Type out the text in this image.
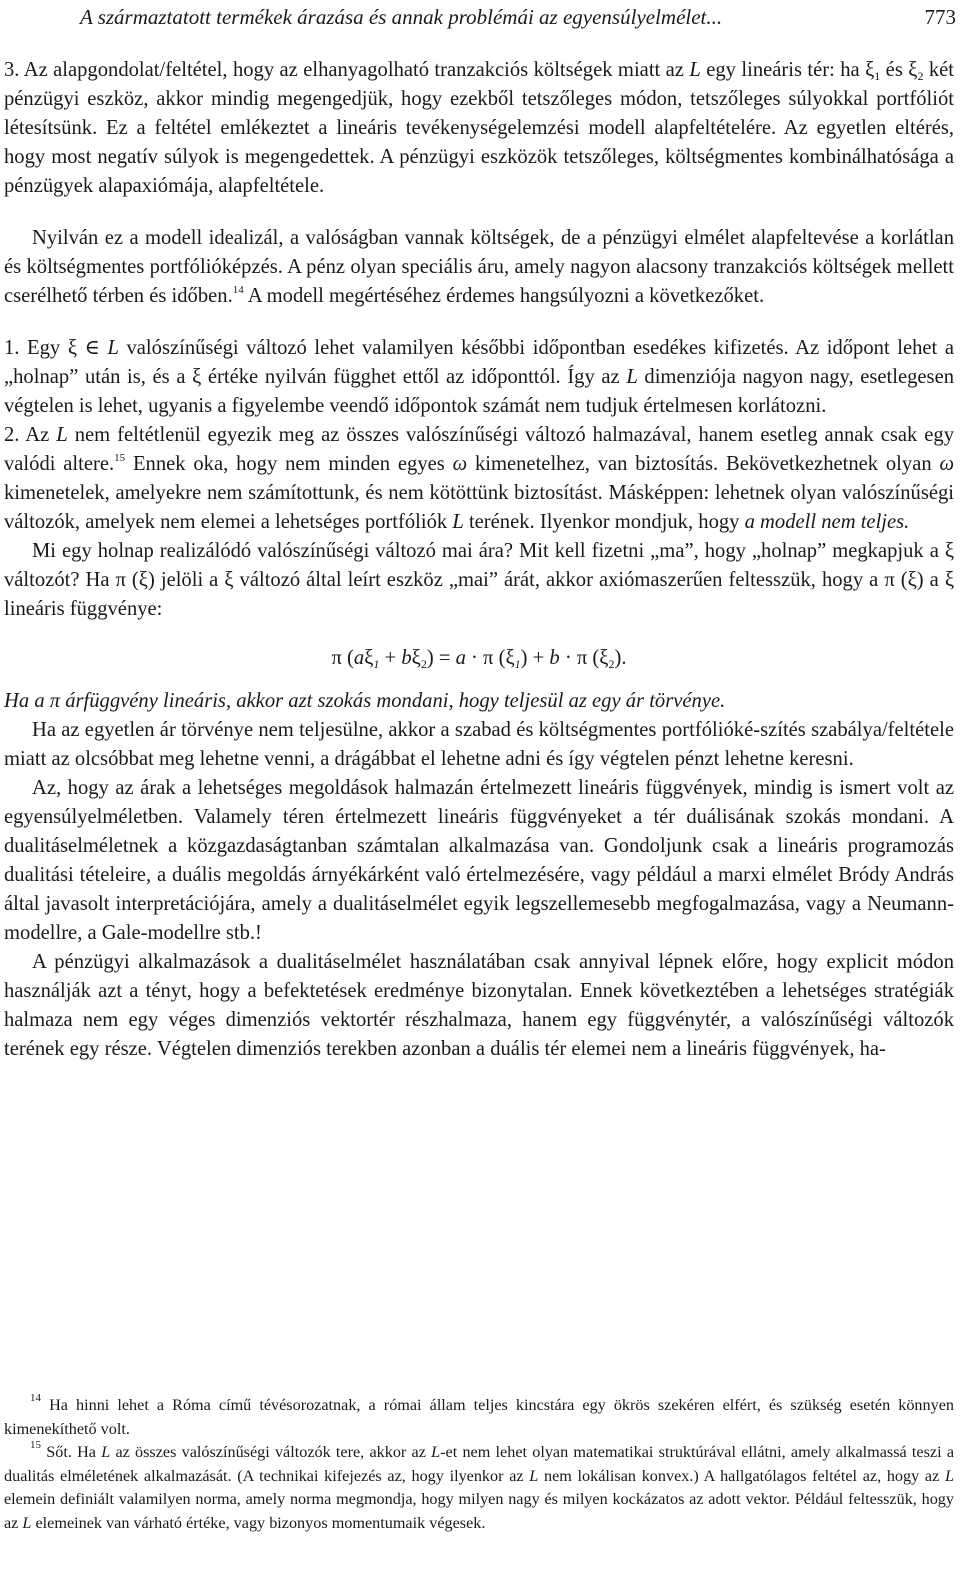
A származtatott termékek árazása és annak problémái az egyensúlyelmélet...	773

3. Az alapgondolat/feltétel, hogy az elhanyagolható tranzakciós költségek miatt az L egy lineáris tér: ha $\xi_1$ és $\xi_2$ két pénzügyi eszköz, akkor mindig megengedjük, hogy ezekből tetszőleges módon, tetszőleges súlyokkal portfóliót létesítsünk. Ez a feltétel emlékeztet a lineáris tevékenységelemzési modell alapfeltételére. Az egyetlen eltérés, hogy most negatív súlyok is megengedettek. A pénzügyi eszközök tetszőleges, költségmentes kombinálhatósága a pénzügyek alapaxiómája, alapfeltétele.

Nyilván ez a modell idealizál, a valóságban vannak költségek, de a pénzügyi elmélet alapfeltevése a korlátlan és költségmentes portfólióképzés. A pénz olyan speciális áru, amely nagyon alacsony tranzakciós költségek mellett cserélhető térben és időben.$^{14}$ A modell megértéséhez érdemes hangsúlyozni a következőket.

1. Egy ξ ∈ L valószínűségi változó lehet valamilyen későbbi időpontban esedékes kifizetés. Az időpont lehet a „holnap” után is, és a ξ értéke nyilván függhet ettől az időponttól. Így az L dimenziója nagyon nagy, esetlegesen végtelen is lehet, ugyanis a figyelembe veendő időpontok számát nem tudjuk értelmesen korlátozni.

2. Az L nem feltétlenül egyezik meg az összes valószínűségi változó halmazával, hanem esetleg annak csak egy valódi altere.$^{15}$ Ennek oka, hogy nem minden egyes ω kimenetelhez, van biztosítás. Bekövetkezhetnek olyan ω kimenetelek, amelyekre nem számítottunk, és nem kötöttünk biztosítást. Másképpen: lehetnek olyan valószínűségi változók, amelyek nem elemei a lehetséges portfóliók L terének. Ilyenkor mondjuk, hogy a modell nem teljes.

Mi egy holnap realizálódó valószínűségi változó mai ára? Mit kell fizetni „ma”, hogy „holnap” megkapjuk a ξ változót? Ha π (ξ) jelöli a ξ változó által leírt eszköz „mai” árát, akkor axiómaszerűen feltesszük, hogy a π (ξ) a ξ lineáris függvénye:

π $(a\xi_1 + b\xi_2) = a \cdot \pi$ $(\xi_1) + b \cdot \pi$ $(\xi_2)$.

Ha a π árfüggvény lineáris, akkor azt szokás mondani, hogy teljesül az egy ár törvénye.

Ha az egyetlen ár törvénye nem teljesülne, akkor a szabad és költségmentes portfólióké-szítés szabálya/feltétele miatt az olcsóbbat meg lehetne venni, a drágábbat el lehetne adni és így végtelen pénzt lehetne keresni.

Az, hogy az árak a lehetséges megoldások halmazán értelmezett lineáris függvények, mindig is ismert volt az egyensúlyelméletben. Valamely téren értelmezett lineáris függvényeket a tér duálisának szokás mondani. A dualitáselméletnek a közgazdaságtanban számtalan alkalmazása van. Gondoljunk csak a lineáris programozás dualitási tételeire, a duális megoldás árnyékárként való értelmezésére, vagy például a marxi elmélet Bródy András által javasolt interpretációjára, amely a dualitáselmélet egyik legszellemesebb megfogalmazása, vagy a Neumann-modellre, a Gale-modellre stb.!

A pénzügyi alkalmazások a dualitáselmélet használatában csak annyival lépnek előre, hogy explicit módon használják azt a tényt, hogy a befektetések eredménye bizonytalan. Ennek következtében a lehetséges stratégiák halmaza nem egy véges dimenziós vektortér részhalmaza, hanem egy függvénytér, a valószínűségi változók terének egy része. Végtelen dimenziós terekben azonban a duális tér elemei nem a lineáris függvények, ha-

$^{14}$ Ha hinni lehet a Róma című tévésorozatnak, a római állam teljes kincstára egy ökrös szekéren elfért, és szükség esetén könnyen kimenekíthető volt.

$^{15}$ Sőt. Ha L az összes valószínűségi változók tere, akkor az L-et nem lehet olyan matematikai struktúrával ellátni, amely alkalmassá teszi a dualitás elméletének alkalmazását. (A technikai kifejezés az, hogy ilyenkor az L nem lokálisan konvex.) A hallgatólagos feltétel az, hogy az L elemein definiált valamilyen norma, amely norma megmondja, hogy milyen nagy és milyen kockázatos az adott vektor. Például feltesszük, hogy az L elemeinek van várható értéke, vagy bizonyos momentumaik végesek.
